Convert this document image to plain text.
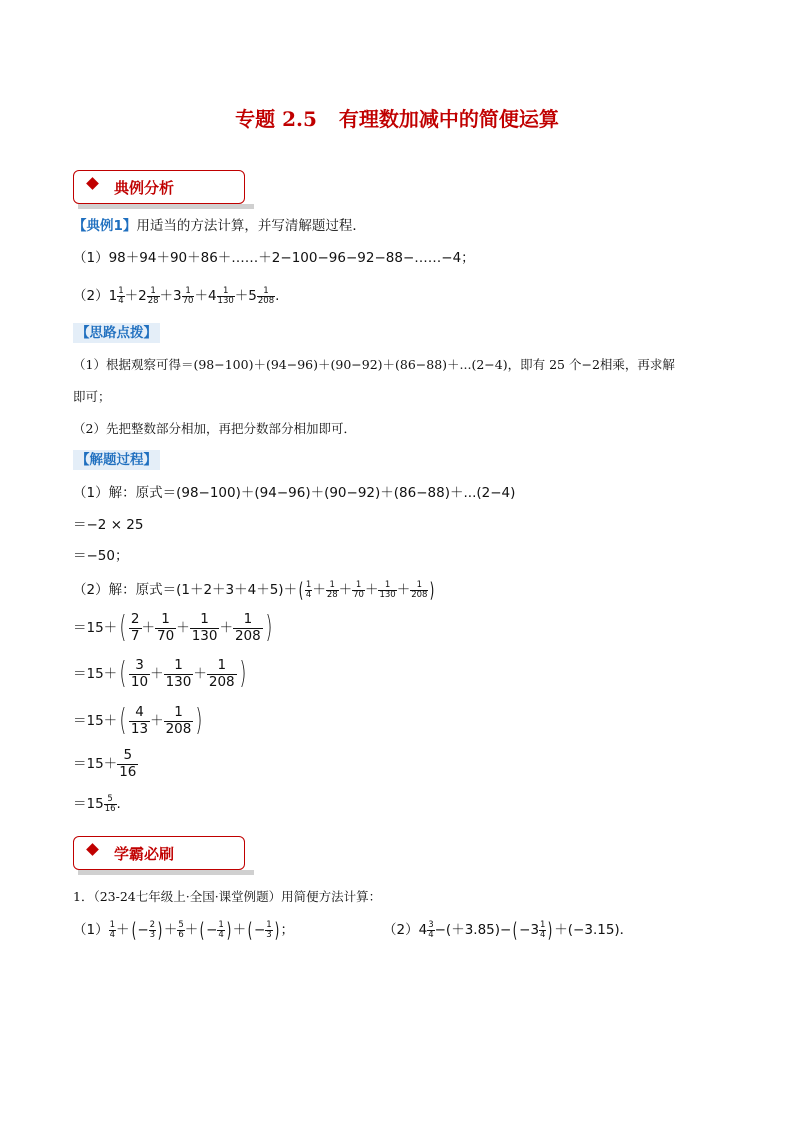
专题 2.5 有理数加减中的简便运算
典例分析
【典例1】用适当的方法计算，并写清解题过程．
（1）98＋94＋90＋86＋……＋2−100−96−92−88−……−4；
$(2)1 \frac{1}{4} +2 \frac{1}{28} +3 \frac{1}{70} +4 \frac{1}{130} +5 \frac{1}{208}$ .
【思路点拨】
（1）根据观察可得＝(98−100)＋(94−96)＋(90−92)＋(86−88)＋...(2−4)，即有 25 个−2相乘，再求解
即可；
（2）先把整数部分相加，再把分数部分相加即可．
【解题过程】
（1）解：原式＝(98−100)＋(94−96)＋(90−92)＋(86−88)＋...(2−4)
＝−2 × 25
＝−50；
（2）解：原式$=(1+2+3+4+5)+( \frac{1}{4} + \frac{1}{28} + \frac{1}{70} + \frac{1}{130} + \frac{1}{208}$ )
$=15+( \frac{2}{7} + \frac{1}{70} + \frac{1}{130} + \frac{1}{208}$ )
$=15+( \frac{3}{10} + \frac{1}{130} + \frac{1}{208}$ )
$=15+( \frac{4}{13} + \frac{1}{208}$ )
$=15+ \frac{5}{16}$
$=15 \frac{5}{16}$ .
学霸必刷
1．（23-24七年级上·全国·课堂例题）用简便方法计算：
$(1) \frac{1}{4}$ ＋( − $\frac{2}{3}$ ) ＋ $\frac{5}{6}$ ＋( − $\frac{1}{4}$ ) ＋( − $\frac{1}{3}$ ) ；	$(2)4 \frac{3}{4} -(+3.85)-( -3 \frac{1}{4}$ ) ＋(−3.15)．
